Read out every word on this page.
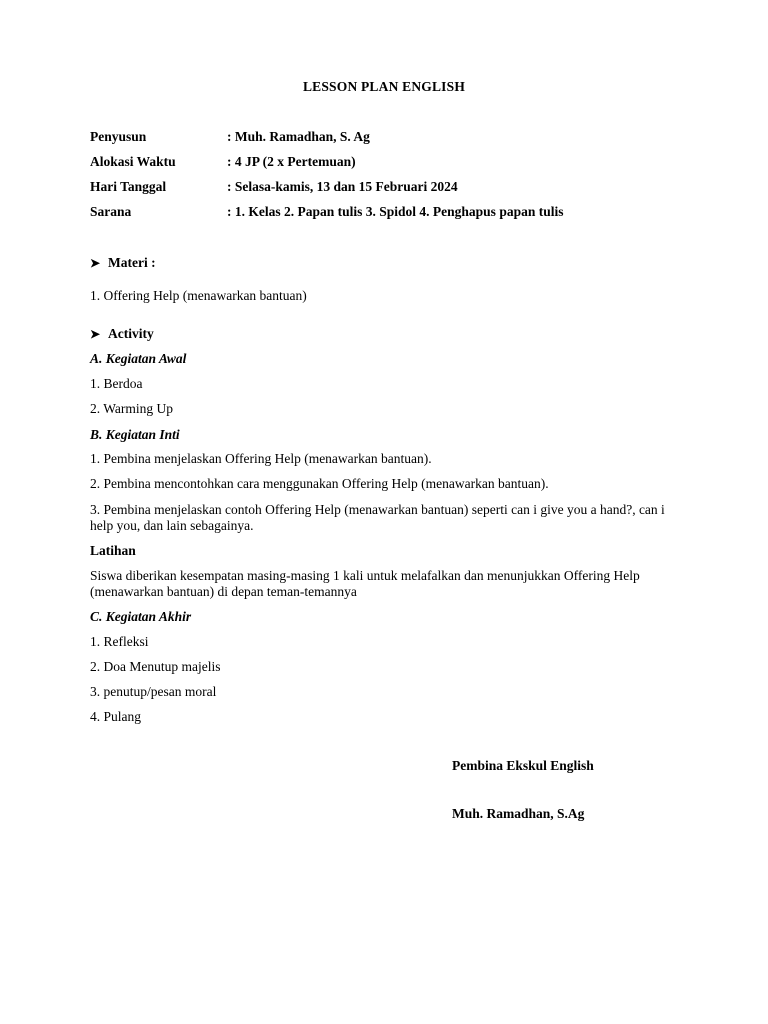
LESSON PLAN ENGLISH
Penyusun	: Muh. Ramadhan, S. Ag
Alokasi Waktu	: 4 JP (2 x Pertemuan)
Hari Tanggal	: Selasa-kamis, 13 dan 15 Februari 2024
Sarana	: 1. Kelas 2. Papan tulis 3. Spidol 4. Penghapus papan tulis
➤ Materi :
1. Offering Help (menawarkan bantuan)
➤ Activity
A. Kegiatan Awal
1. Berdoa
2. Warming Up
B. Kegiatan Inti
1. Pembina menjelaskan Offering Help (menawarkan bantuan).
2. Pembina mencontohkan cara menggunakan Offering Help (menawarkan bantuan).
3. Pembina menjelaskan contoh Offering Help (menawarkan bantuan) seperti can i give you a hand?, can i help you, dan lain sebagainya.
Latihan
Siswa diberikan kesempatan masing-masing 1 kali untuk melafalkan dan menunjukkan Offering Help (menawarkan bantuan) di depan teman-temannya
C. Kegiatan Akhir
1. Refleksi
2. Doa Menutup majelis
3. penutup/pesan moral
4. Pulang
Pembina Ekskul English
Muh. Ramadhan, S.Ag
